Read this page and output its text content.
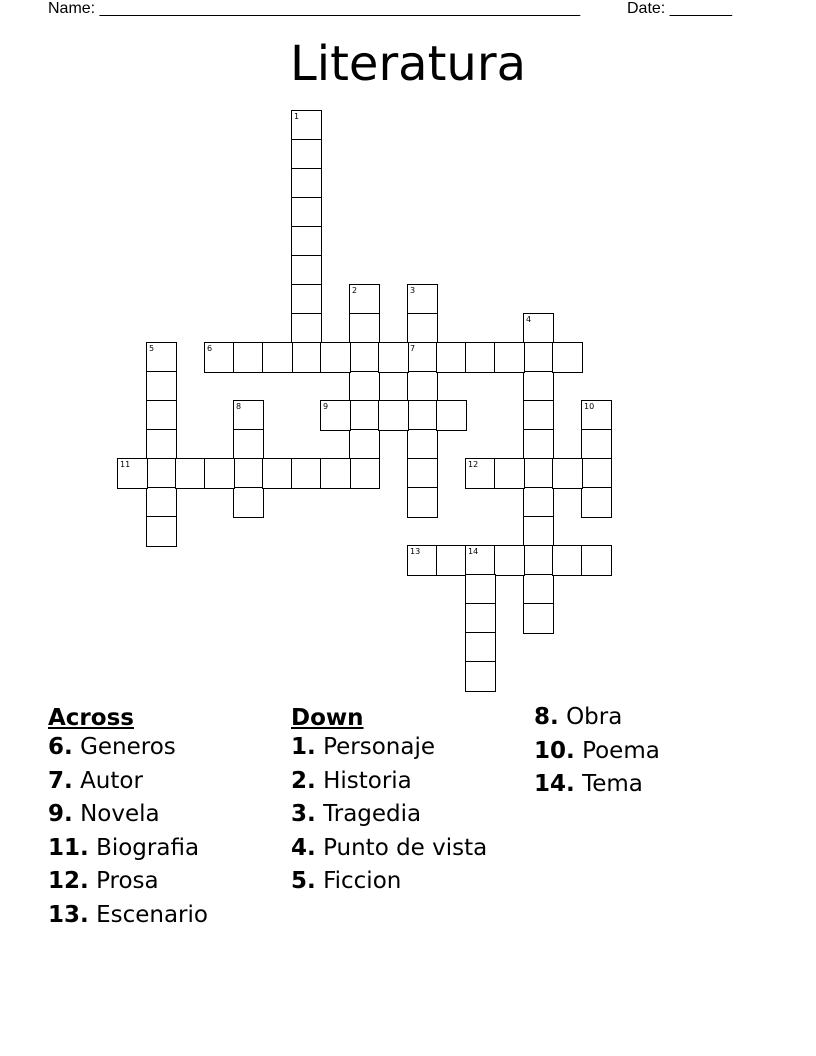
Name: ______________________________________________________	Date: _______
Literatura
1
2	3
7
4
5	6
8	9	10
11	12
13	14
Across
6. Generos
7. Autor
9. Novela
11. Biografia
12. Prosa
13. Escenario
Down
1. Personaje
2. Historia
3. Tragedia
4. Punto de vista
5. Ficcion
8. Obra
10. Poema
14. Tema
